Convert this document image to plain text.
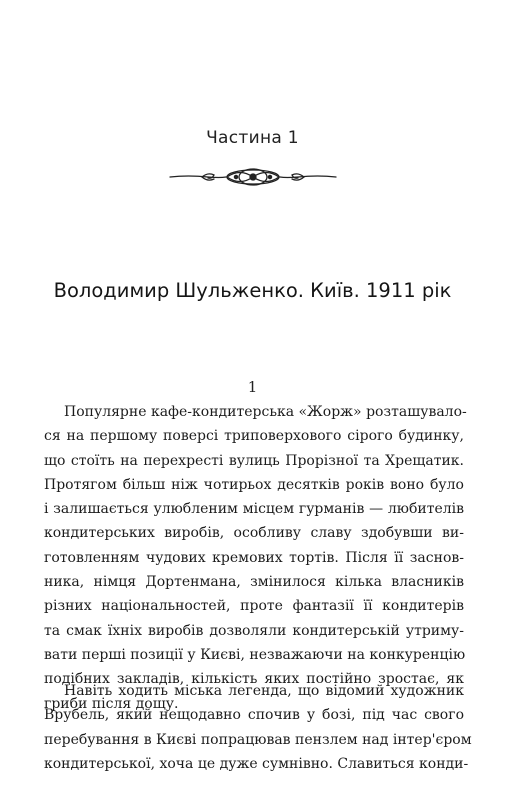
Частина 1
Володимир Шульженко. Київ. 1911 рік
1
Популярне кафе-кондитерська «Жорж» розташувало-
ся на першому поверсі триповерхового сірого будинку,
що стоїть на перехресті вулиць Прорізної та Хрещатик.
Протягом більш ніж чотирьох десятків років воно було
і залишається улюбленим місцем гурманів — любителів
кондитерських виробів, особливу славу здобувши ви-
готовленням чудових кремових тортів. Після її заснов-
ника, німця Дортенмана, змінилося кілька власників
різних національностей, проте фантазії її кондитерів
та смак їхніх виробів дозволяли кондитерській утриму-
вати перші позиції у Києві, незважаючи на конкуренцію
подібних закладів, кількість яких постійно зростає, як
гриби після дощу.
Навіть ходить міська легенда, що відомий художник
Врубель, який нещодавно спочив у бозі, під час свого
перебування в Києві попрацював пензлем над інтер'єром
кондитерської, хоча це дуже сумнівно. Славиться конди-
